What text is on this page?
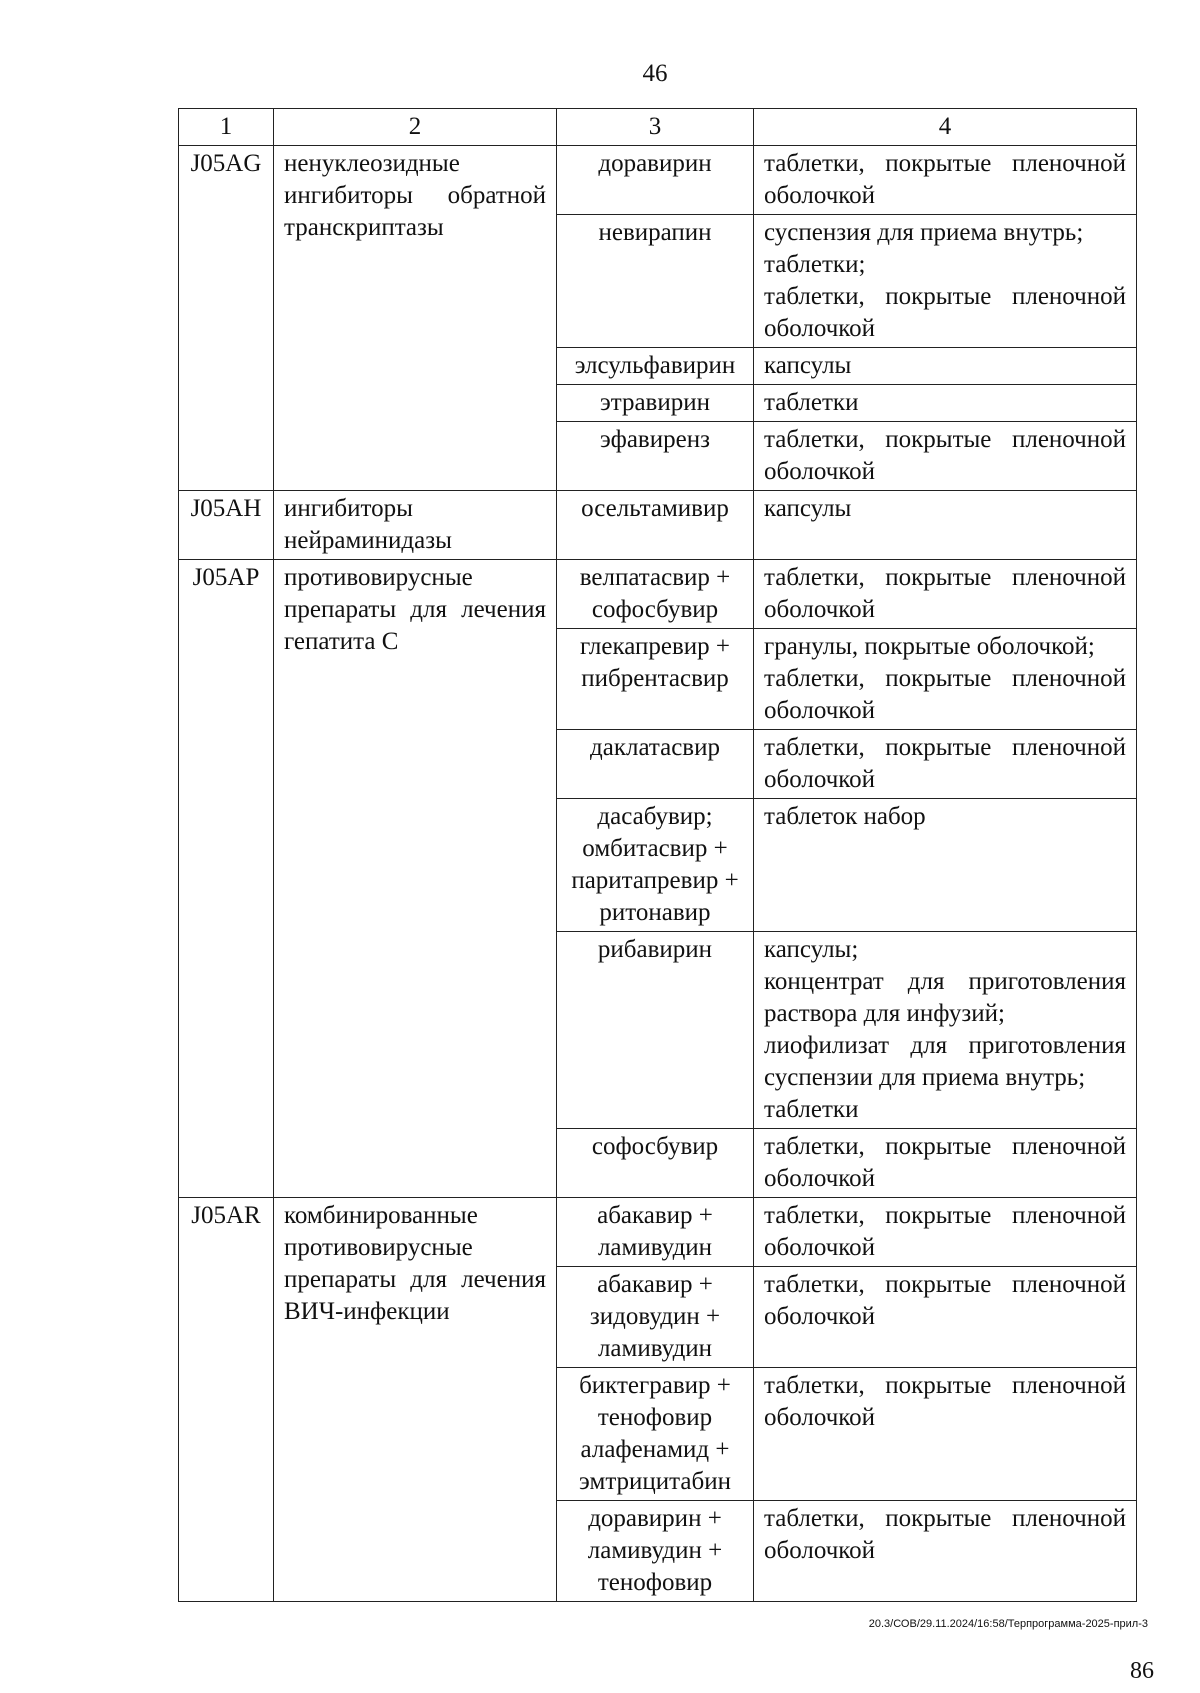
46
1	2	3	4
J05AG	ненуклеозидные ингибиторы обратной транскриптазы	доравирин	таблетки, покрытые пленочной оболочкой

		невирапин	суспензия для приема внутрь;
таблетки;
таблетки, покрытые пленочной оболочкой

		элсульфавирин	капсулы

		этравирин	таблетки

		эфавиренз	таблетки, покрытые пленочной оболочкой

J05AH	ингибиторы нейраминидазы	осельтамивир	капсулы

J05AP	противовирусные препараты для лечения гепатита C	велпатасвир +
софосбувир	таблетки, покрытые пленочной оболочкой

		глекапревир +
пибрентасвир	гранулы, покрытые оболочкой;
таблетки, покрытые пленочной оболочкой

		даклатасвир	таблетки, покрытые пленочной оболочкой

		дасабувир;
омбитасвир +
паритапревир +
ритонавир	таблеток набор

		рибавирин	капсулы;
концентрат для приготовления раствора для инфузий;
лиофилизат для приготовления суспензии для приема внутрь;
таблетки

		софосбувир	таблетки, покрытые пленочной оболочкой

J05AR	комбинированные противовирусные препараты для лечения ВИЧ-инфекции	абакавир +
ламивудин	таблетки, покрытые пленочной оболочкой

		абакавир +
зидовудин +
ламивудин	таблетки, покрытые пленочной оболочкой

		биктегравир +
тенофовир
алафенамид +
эмтрицитабин	таблетки, покрытые пленочной оболочкой

		доравирин +
ламивудин +
тенофовир	таблетки, покрытые пленочной оболочкой
20.3/СОВ/29.11.2024/16:58/Терпрограмма-2025-прил-3
86
